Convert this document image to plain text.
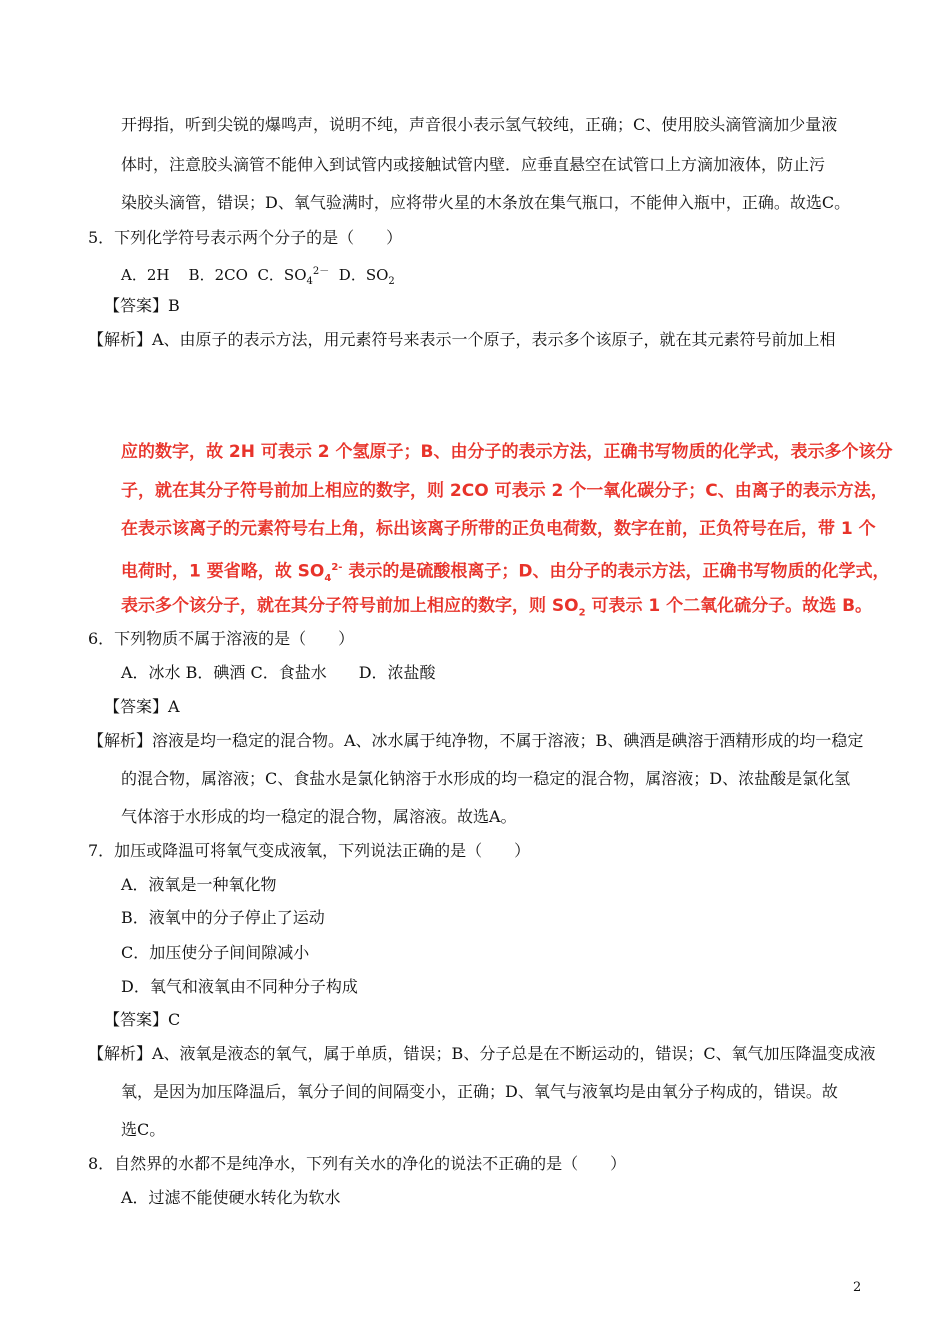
开拇指，听到尖锐的爆鸣声，说明不纯，声音很小表示氢气较纯，正确；C、使用胶头滴管滴加少量液
体时，注意胶头滴管不能伸入到试管内或接触试管内壁．应垂直悬空在试管口上方滴加液体，防止污
染胶头滴管，错误；D、氧气验满时，应将带火星的木条放在集气瓶口，不能伸入瓶中，正确。故选C。
5．下列化学符号表示两个分子的是（　　）
A．2H B．2CO C．$SO_4^{2-}$ D．$SO_2$
【答案】B
【解析】A、由原子的表示方法，用元素符号来表示一个原子，表示多个该原子，就在其元素符号前加上相
应的数字，故 2H 可表示 2 个氢原子；B、由分子的表示方法，正确书写物质的化学式，表示多个该分
子，就在其分子符号前加上相应的数字，则 2CO 可表示 2 个一氧化碳分子；C、由离子的表示方法，
在表示该离子的元素符号右上角，标出该离子所带的正负电荷数，数字在前，正负符号在后，带 1 个
电荷时，1 要省略，故 $SO_4^{2-}$ 表示的是硫酸根离子；D、由分子的表示方法，正确书写物质的化学式，
表示多个该分子，就在其分子符号前加上相应的数字，则 $SO_2$ 可表示 1 个二氧化硫分子。故选 B。
6．下列物质不属于溶液的是（　　）
A．冰水 B．碘酒 C．食盐水　　D．浓盐酸
【答案】A
【解析】溶液是均一稳定的混合物。A、冰水属于纯净物，不属于溶液；B、碘酒是碘溶于酒精形成的均一稳定
的混合物，属溶液；C、食盐水是氯化钠溶于水形成的均一稳定的混合物，属溶液；D、浓盐酸是氯化氢
气体溶于水形成的均一稳定的混合物，属溶液。故选A。
7．加压或降温可将氧气变成液氧，下列说法正确的是（　　）
A．液氧是一种氧化物
B．液氧中的分子停止了运动
C．加压使分子间间隙减小
D．氧气和液氧由不同种分子构成
【答案】C
【解析】A、液氧是液态的氧气，属于单质，错误；B、分子总是在不断运动的，错误；C、氧气加压降温变成液
氧，是因为加压降温后，氧分子间的间隔变小，正确；D、氧气与液氧均是由氧分子构成的，错误。故
选C。
8．自然界的水都不是纯净水，下列有关水的净化的说法不正确的是（　　）
A．过滤不能使硬水转化为软水
2
